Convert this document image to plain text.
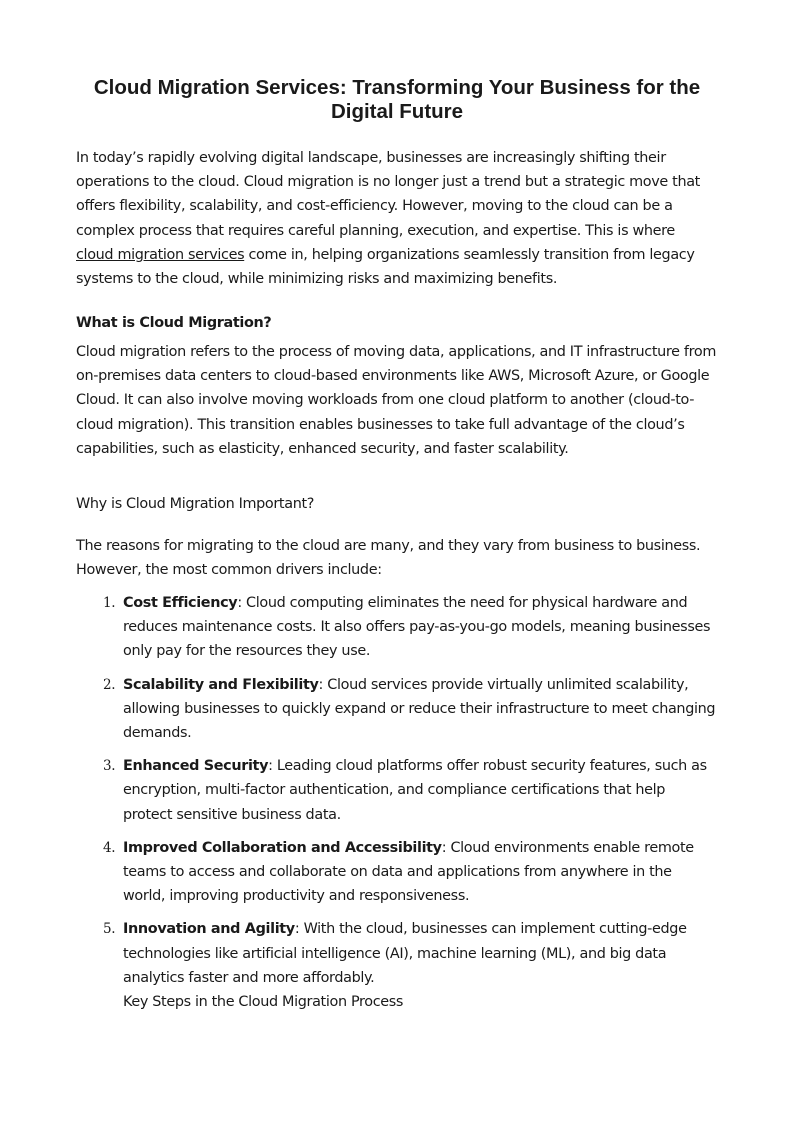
Cloud Migration Services: Transforming Your Business for the Digital Future

In today’s rapidly evolving digital landscape, businesses are increasingly shifting their operations to the cloud. Cloud migration is no longer just a trend but a strategic move that offers flexibility, scalability, and cost-efficiency. However, moving to the cloud can be a complex process that requires careful planning, execution, and expertise. This is where cloud migration services come in, helping organizations seamlessly transition from legacy systems to the cloud, while minimizing risks and maximizing benefits.

What is Cloud Migration?

Cloud migration refers to the process of moving data, applications, and IT infrastructure from on-premises data centers to cloud-based environments like AWS, Microsoft Azure, or Google Cloud. It can also involve moving workloads from one cloud platform to another (cloud-to-cloud migration). This transition enables businesses to take full advantage of the cloud’s capabilities, such as elasticity, enhanced security, and faster scalability.

Why is Cloud Migration Important?

The reasons for migrating to the cloud are many, and they vary from business to business. However, the most common drivers include:

1. Cost Efficiency: Cloud computing eliminates the need for physical hardware and reduces maintenance costs. It also offers pay-as-you-go models, meaning businesses only pay for the resources they use.
2. Scalability and Flexibility: Cloud services provide virtually unlimited scalability, allowing businesses to quickly expand or reduce their infrastructure to meet changing demands.
3. Enhanced Security: Leading cloud platforms offer robust security features, such as encryption, multi-factor authentication, and compliance certifications that help protect sensitive business data.
4. Improved Collaboration and Accessibility: Cloud environments enable remote teams to access and collaborate on data and applications from anywhere in the world, improving productivity and responsiveness.
5. Innovation and Agility: With the cloud, businesses can implement cutting-edge technologies like artificial intelligence (AI), machine learning (ML), and big data analytics faster and more affordably.
Key Steps in the Cloud Migration Process
